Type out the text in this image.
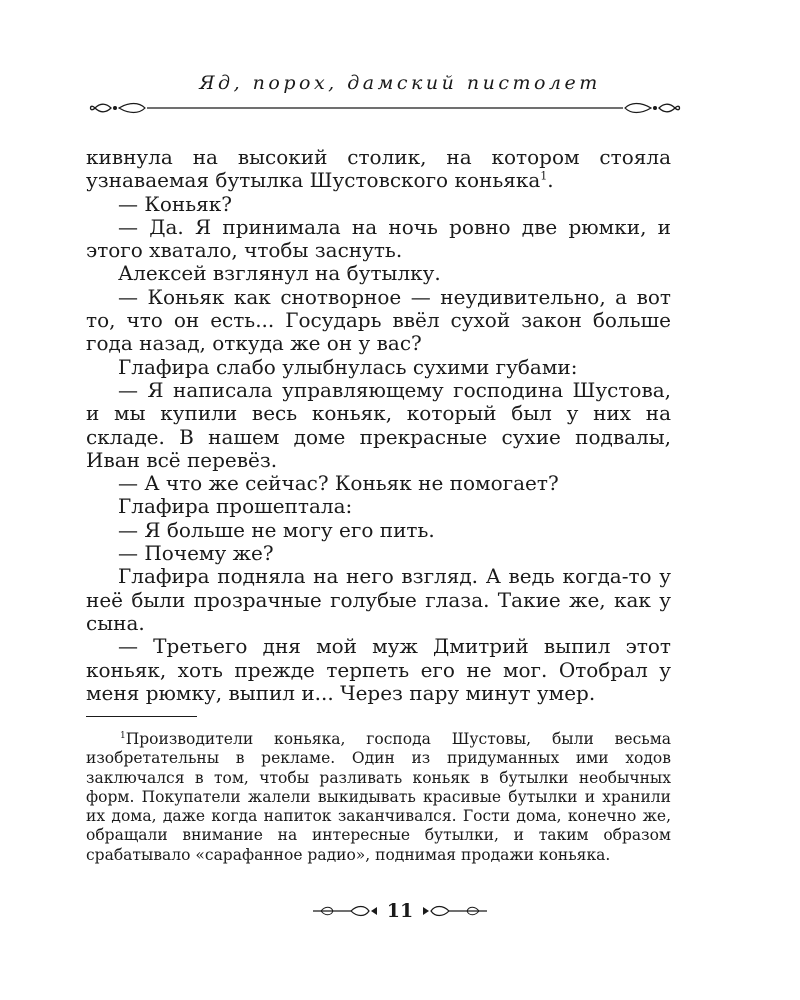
Яд, порох, дамский пистолет

кивнула на высокий столик, на котором стояла узнаваемая бутылка Шустовского коньяка$^1$.

— Коньяк?

— Да. Я принимала на ночь ровно две рюмки, и этого хватало, чтобы заснуть.

Алексей взглянул на бутылку.

— Коньяк как снотворное — неудивительно, а вот то, что он есть... Государь ввёл сухой закон больше года назад, откуда же он у вас?

Глафира слабо улыбнулась сухими губами:

— Я написала управляющему господина Шустова, и мы купили весь коньяк, который был у них на складе. В нашем доме прекрасные сухие подвалы, Иван всё перевёз.

— А что же сейчас? Коньяк не помогает?

Глафира прошептала:

— Я больше не могу его пить.

— Почему же?

Глафира подняла на него взгляд. А ведь когда-то у неё были прозрачные голубые глаза. Такие же, как у сына.

— Третьего дня мой муж Дмитрий выпил этот коньяк, хоть прежде терпеть его не мог. Отобрал у меня рюмку, выпил и... Через пару минут умер.

$^1$Производители коньяка, господа Шустовы, были весьма изобретательны в рекламе. Один из придуманных ими ходов заключался в том, чтобы разливать коньяк в бутылки необычных форм. Покупатели жалели выкидывать красивые бутылки и хранили их дома, даже когда напиток заканчивался. Гости дома, конечно же, обращали внимание на интересные бутылки, и таким образом срабатывало «сарафанное радио», поднимая продажи коньяка.
11
